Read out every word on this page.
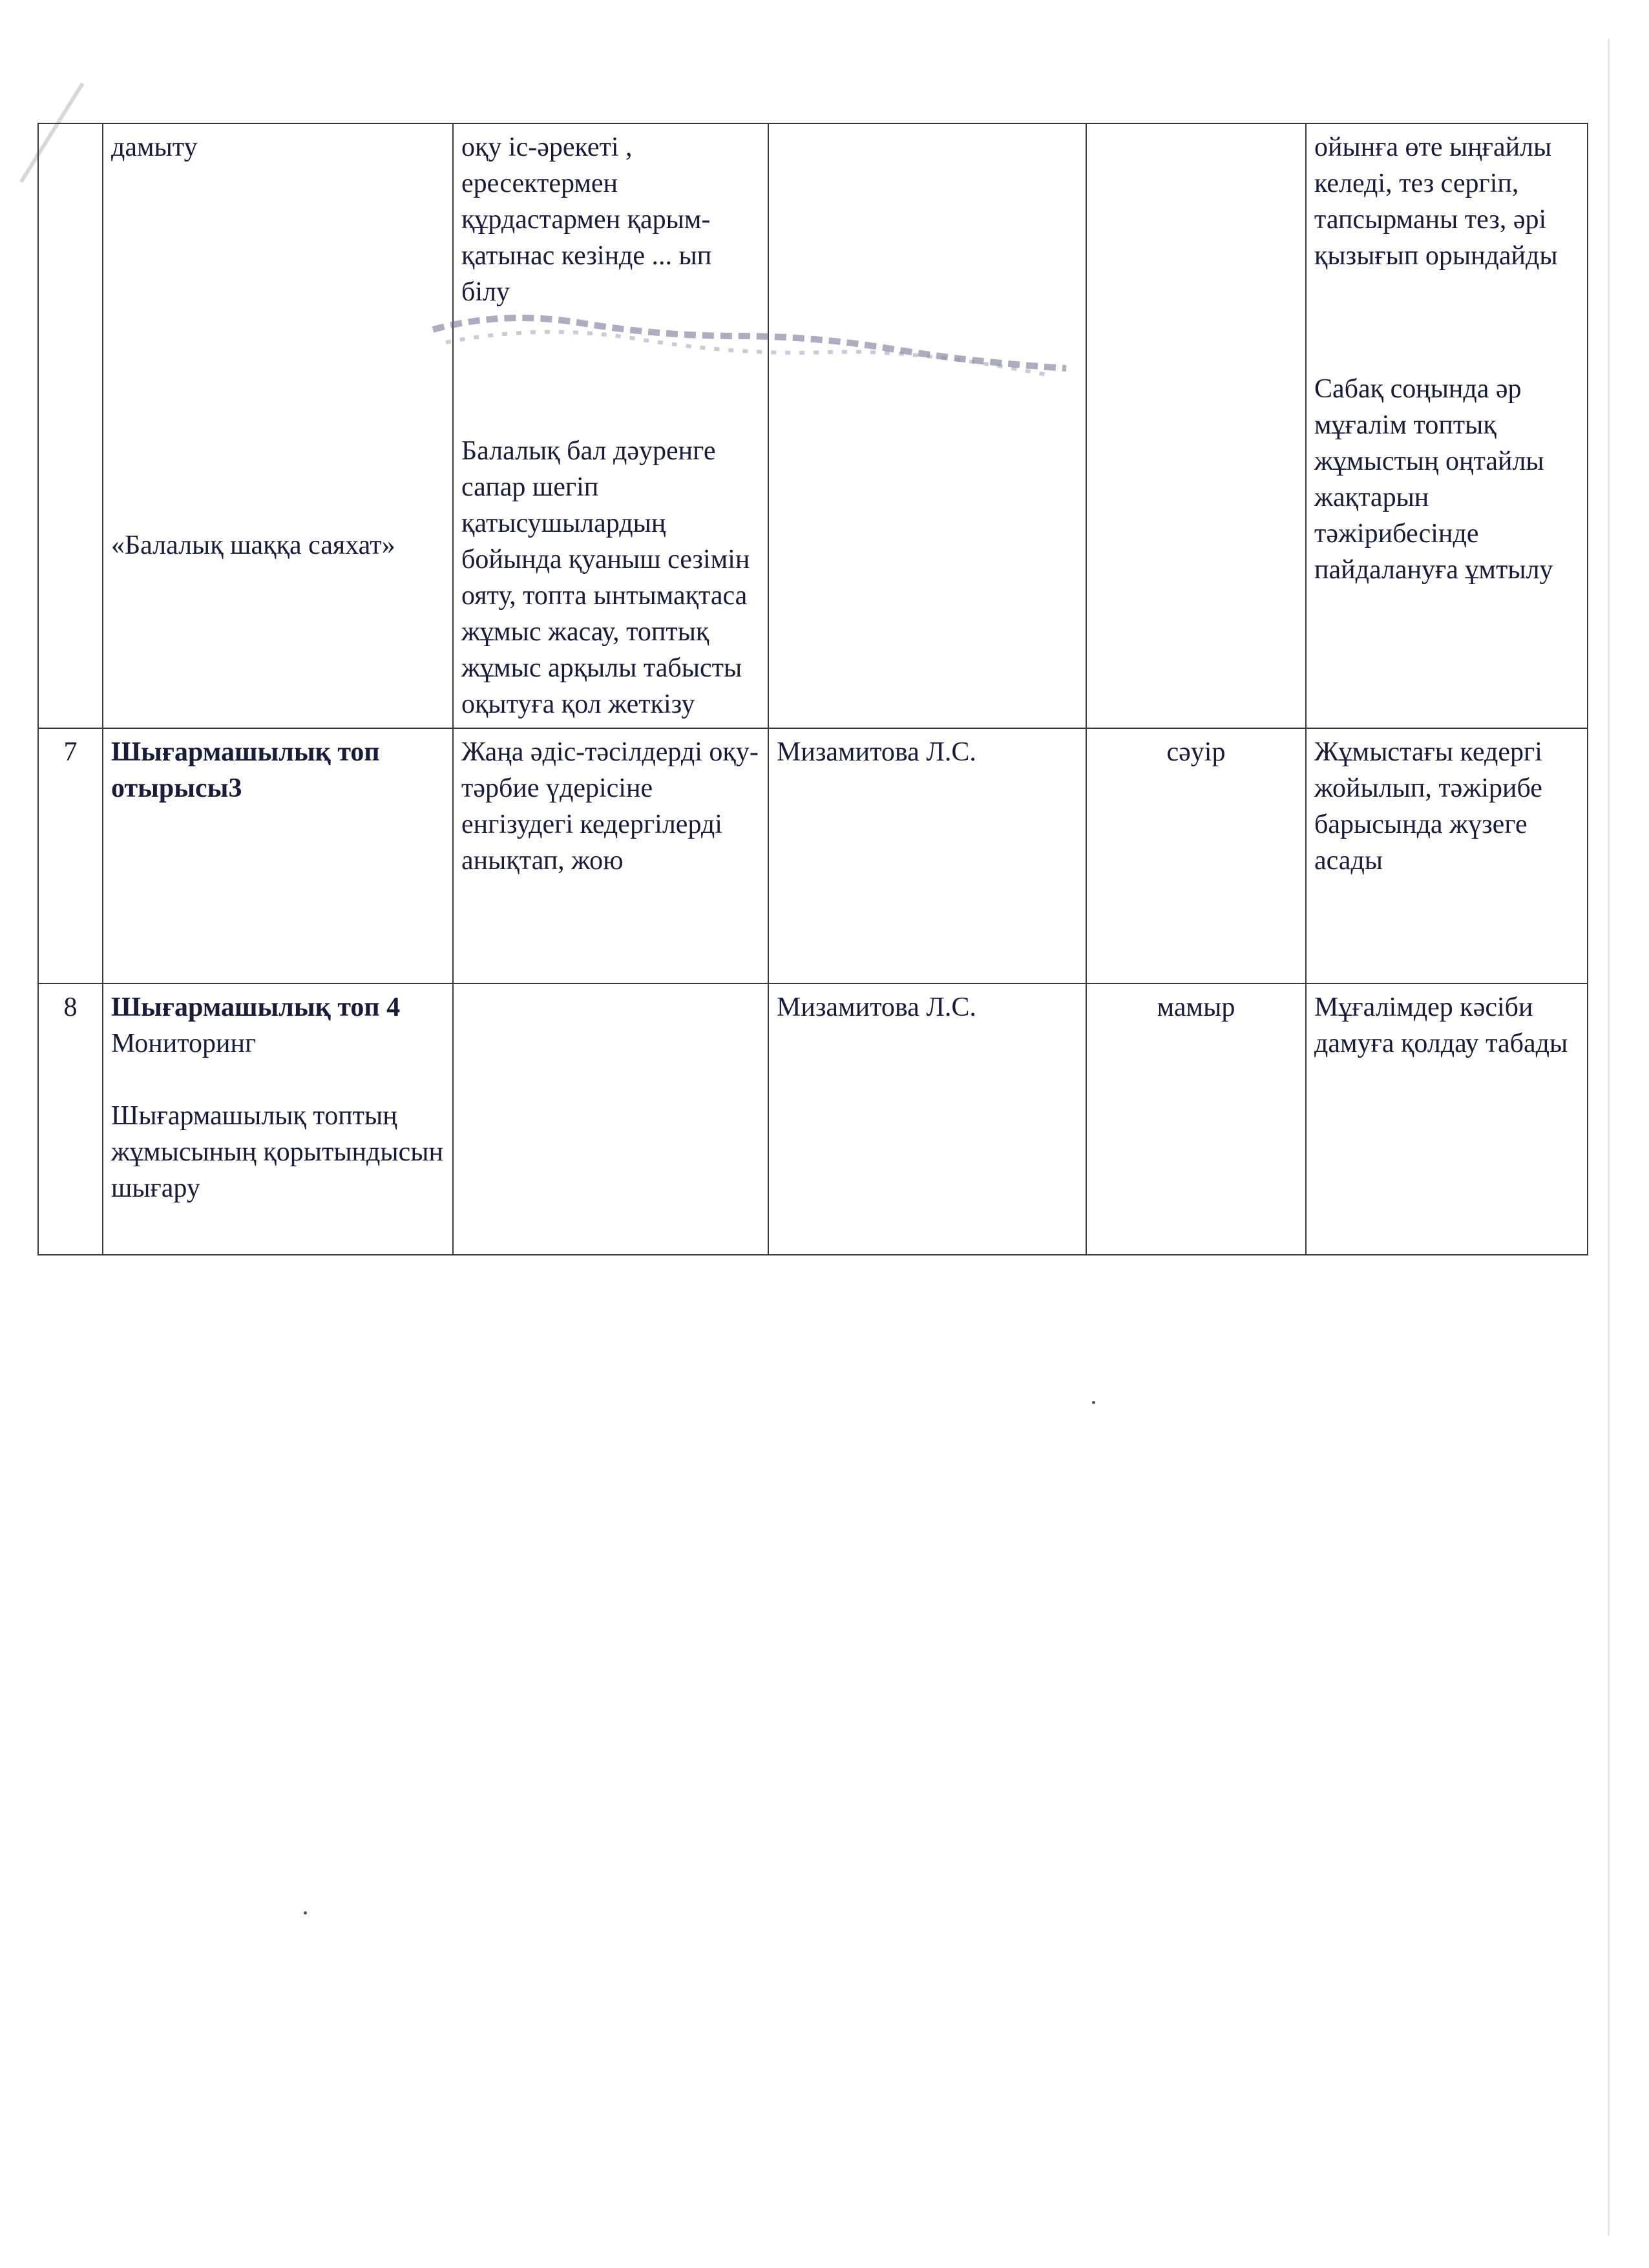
	дамыту
«Балалық шаққа саяхат»	оқу іс-әрекеті , ересектермен құрдастармен қарым-қатынас кезінде ... ып білу
Балалық бал дәуренге сапар шегіп қатысушылардың бойында қуаныш сезімін ояту, топта ынтымақтаса жұмыс жасау, топтық жұмыс арқылы табысты оқытуға қол жеткізу			ойынға өте ыңғайлы келеді, тез сергіп, тапсырманы тез, әрі қызығып орындайды
Сабақ соңында әр мұғалім топтық жұмыстың оңтайлы жақтарын тәжірибесінде пайдалануға ұмтылу

7	Шығармашылық топ отырысы3	Жаңа әдіс-тәсілдерді оқу-тәрбие үдерісіне енгізудегі кедергілерді анықтап, жою	Мизамитова Л.С.	сәуір	Жұмыстағы кедергі жойылып, тәжірибе барысында жүзеге асады

8	Шығармашылық топ 4
Мониторинг
Шығармашылық топтың жұмысының қорытындысын шығару		Мизамитова Л.С.	мамыр	Мұғалімдер кәсіби дамуға қолдау табады
